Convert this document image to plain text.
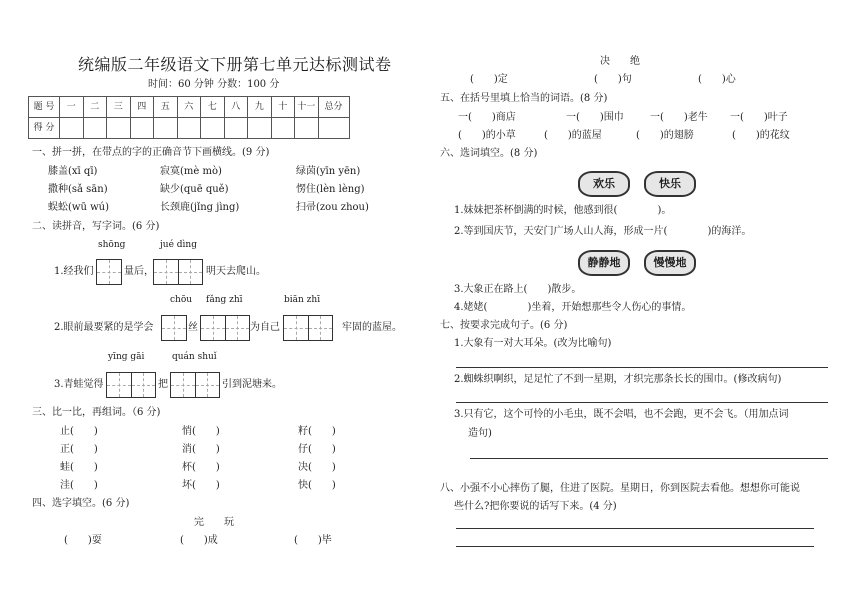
统编版二年级语文下册第七单元达标测试卷
时间：60 分钟 分数：100 分
题 号	一	二	三	四	五	六	七	八	九	十	十一	总分
得 分												
一、拼一拼，在带点的字的正确音节下画横线。(9 分)
膝盖(xī qī)	寂寞(mè mò)	绿茵(yīn yēn)
撒种(sǎ sān)	缺少(quē quě)	愣住(lèn lèng)
蜈蚣(wū wú)	长颈鹿(jǐng jìng)	扫帚(zou zhou)
二、读拼音，写字词。(6 分)
shōng	jué dìng
1.经我们	量后，	明天去爬山。
chōu fǎng zhī	biān zhī
2.眼前最要紧的是学会	丝	为自己	牢固的蓝屋。
yīng gāi	quán shuǐ
3.青蛙觉得	把	引到泥塘来。
三、比一比，再组词。（6 分)
止(　　)	悄(　　)	籽(　　)
正(　　)	消(　　)	仔(　　)
蛙(　　)	杯(　　)	决(　　)
洼(　　)	坏(　　)	快(　　)
四、选字填空。(6 分)
完　　玩
(　　)耍	(　　)成	(　　)毕
决　　绝
(　　)定	(　　)句	(　　)心
五、在括号里填上恰当的词语。(8 分)
一(　　)商店	一(　　)围巾	一(　　)老牛 一(　　)叶子
(　　)的小草	(　　)的蓝屋	(　　)的翅膀	(　　)的花纹
六、选词填空。(8 分)
欢乐	快乐
1.妹妹把茶杯倒满的时候，他感到很(　　　　)。
2.等到国庆节，天安门广场人山人海，形成一片(　　　　)的海洋。
静静地	慢慢地
3.大象正在路上(　　)散步。
4.姥姥(　　　　)坐着，开始想那些令人伤心的事情。
七、按要求完成句子。(6 分)
1.大象有一对大耳朵。(改为比喻句)
2.蜘蛛织啊织，足足忙了不到一星期，才织完那条长长的围巾。(修改病句)
3.只有它，这个可怜的小毛虫，既不会唱，也不会跑，更不会飞。（用加点词
造句)
八、小强不小心摔伤了腿，住进了医院。星期日，你到医院去看他。想想你可能说
些什么?把你要说的话写下来。(4 分)
